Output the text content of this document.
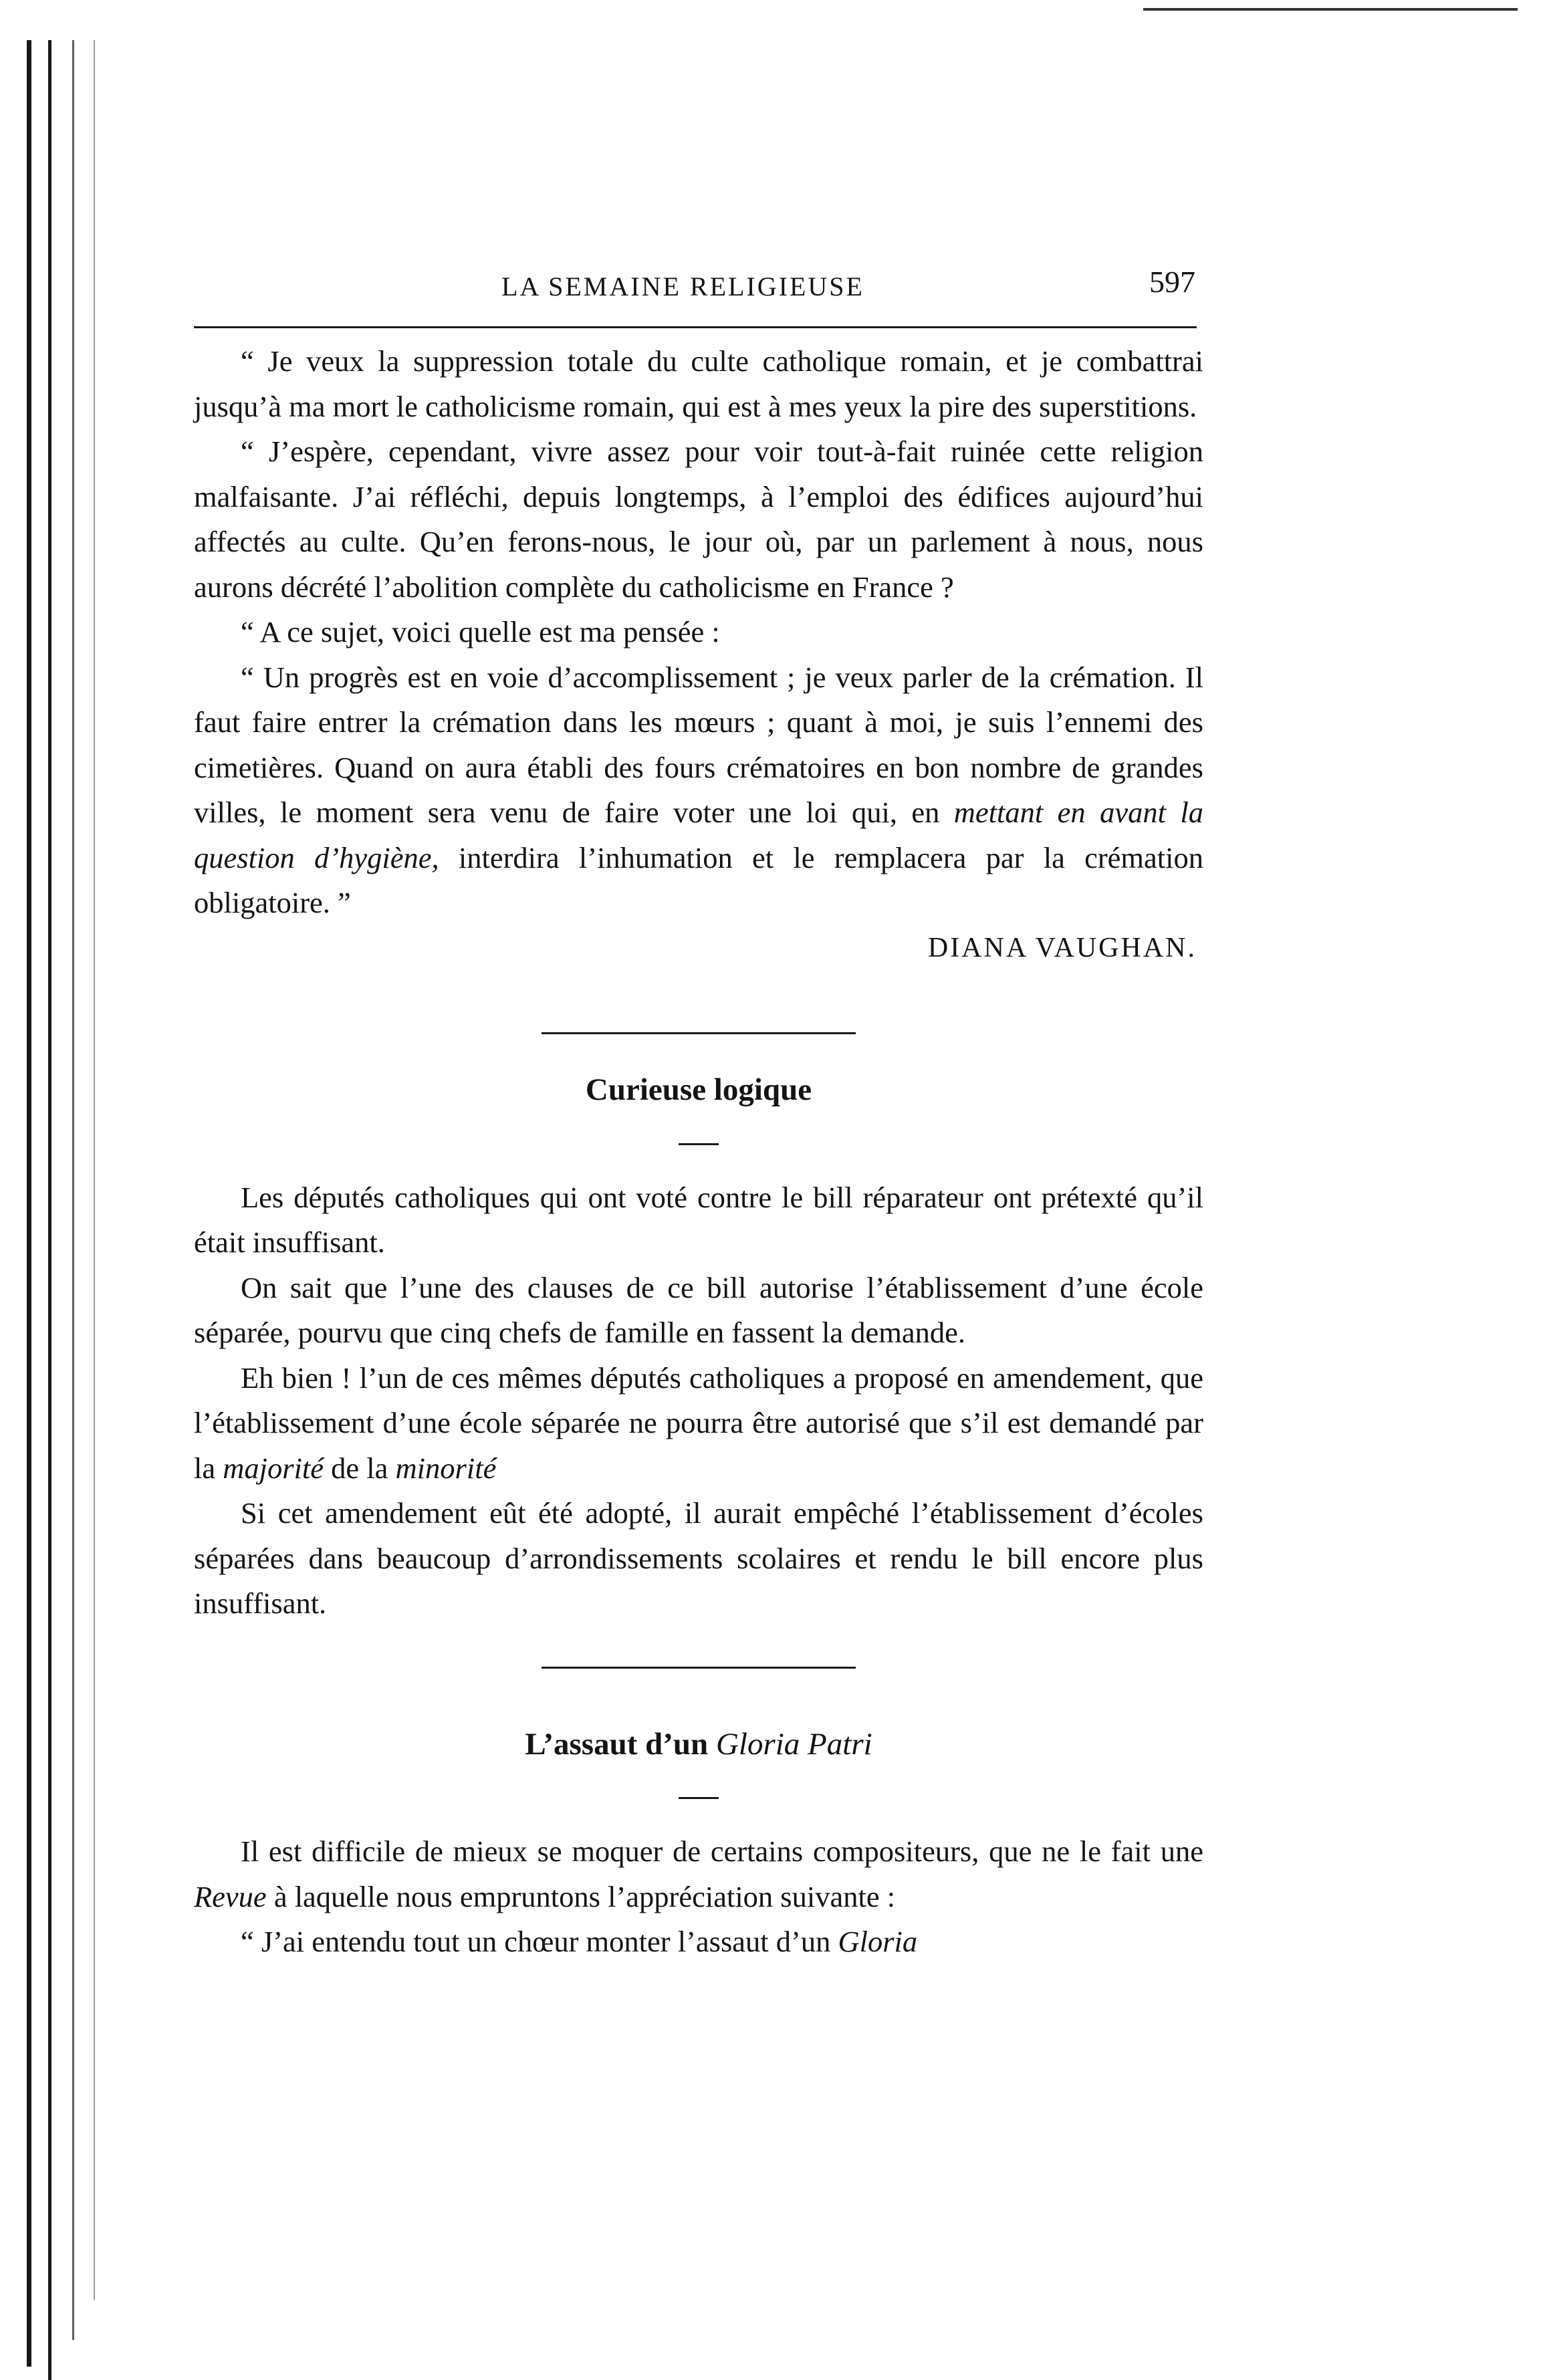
LA SEMAINE RELIGIEUSE	597

“ Je veux la suppression totale du culte catholique romain, et je combattrai jusqu’à ma mort le catholicisme romain, qui est à mes yeux la pire des superstitions.

“ J’espère, cependant, vivre assez pour voir tout-à-fait ruinée cette religion malfaisante. J’ai réfléchi, depuis longtemps, à l’emploi des édifices aujourd’hui affectés au culte. Qu’en ferons-nous, le jour où, par un parlement à nous, nous aurons décrété l’abolition complète du catholicisme en France ?

“ A ce sujet, voici quelle est ma pensée :

“ Un progrès est en voie d’accomplissement ; je veux parler de la crémation. Il faut faire entrer la crémation dans les mœurs ; quant à moi, je suis l’ennemi des cimetières. Quand on aura établi des fours crématoires en bon nombre de grandes villes, le moment sera venu de faire voter une loi qui, en mettant en avant la question d’hygiène, interdira l’inhumation et le remplacera par la crémation obligatoire. ”

DIANA VAUGHAN.
Curieuse logique

Les députés catholiques qui ont voté contre le bill réparateur ont prétexté qu’il était insuffisant.

On sait que l’une des clauses de ce bill autorise l’établissement d’une école séparée, pourvu que cinq chefs de famille en fassent la demande.

Eh bien ! l’un de ces mêmes députés catholiques a proposé en amendement, que l’établissement d’une école séparée ne pourra être autorisé que s’il est demandé par la majorité de la minorité

Si cet amendement eût été adopté, il aurait empêché l’établissement d’écoles séparées dans beaucoup d’arrondissements scolaires et rendu le bill encore plus insuffisant.

L’assaut d’un Gloria Patri

Il est difficile de mieux se moquer de certains compositeurs, que ne le fait une Revue à laquelle nous empruntons l’appréciation suivante :

“ J’ai entendu tout un chœur monter l’assaut d’un Gloria
